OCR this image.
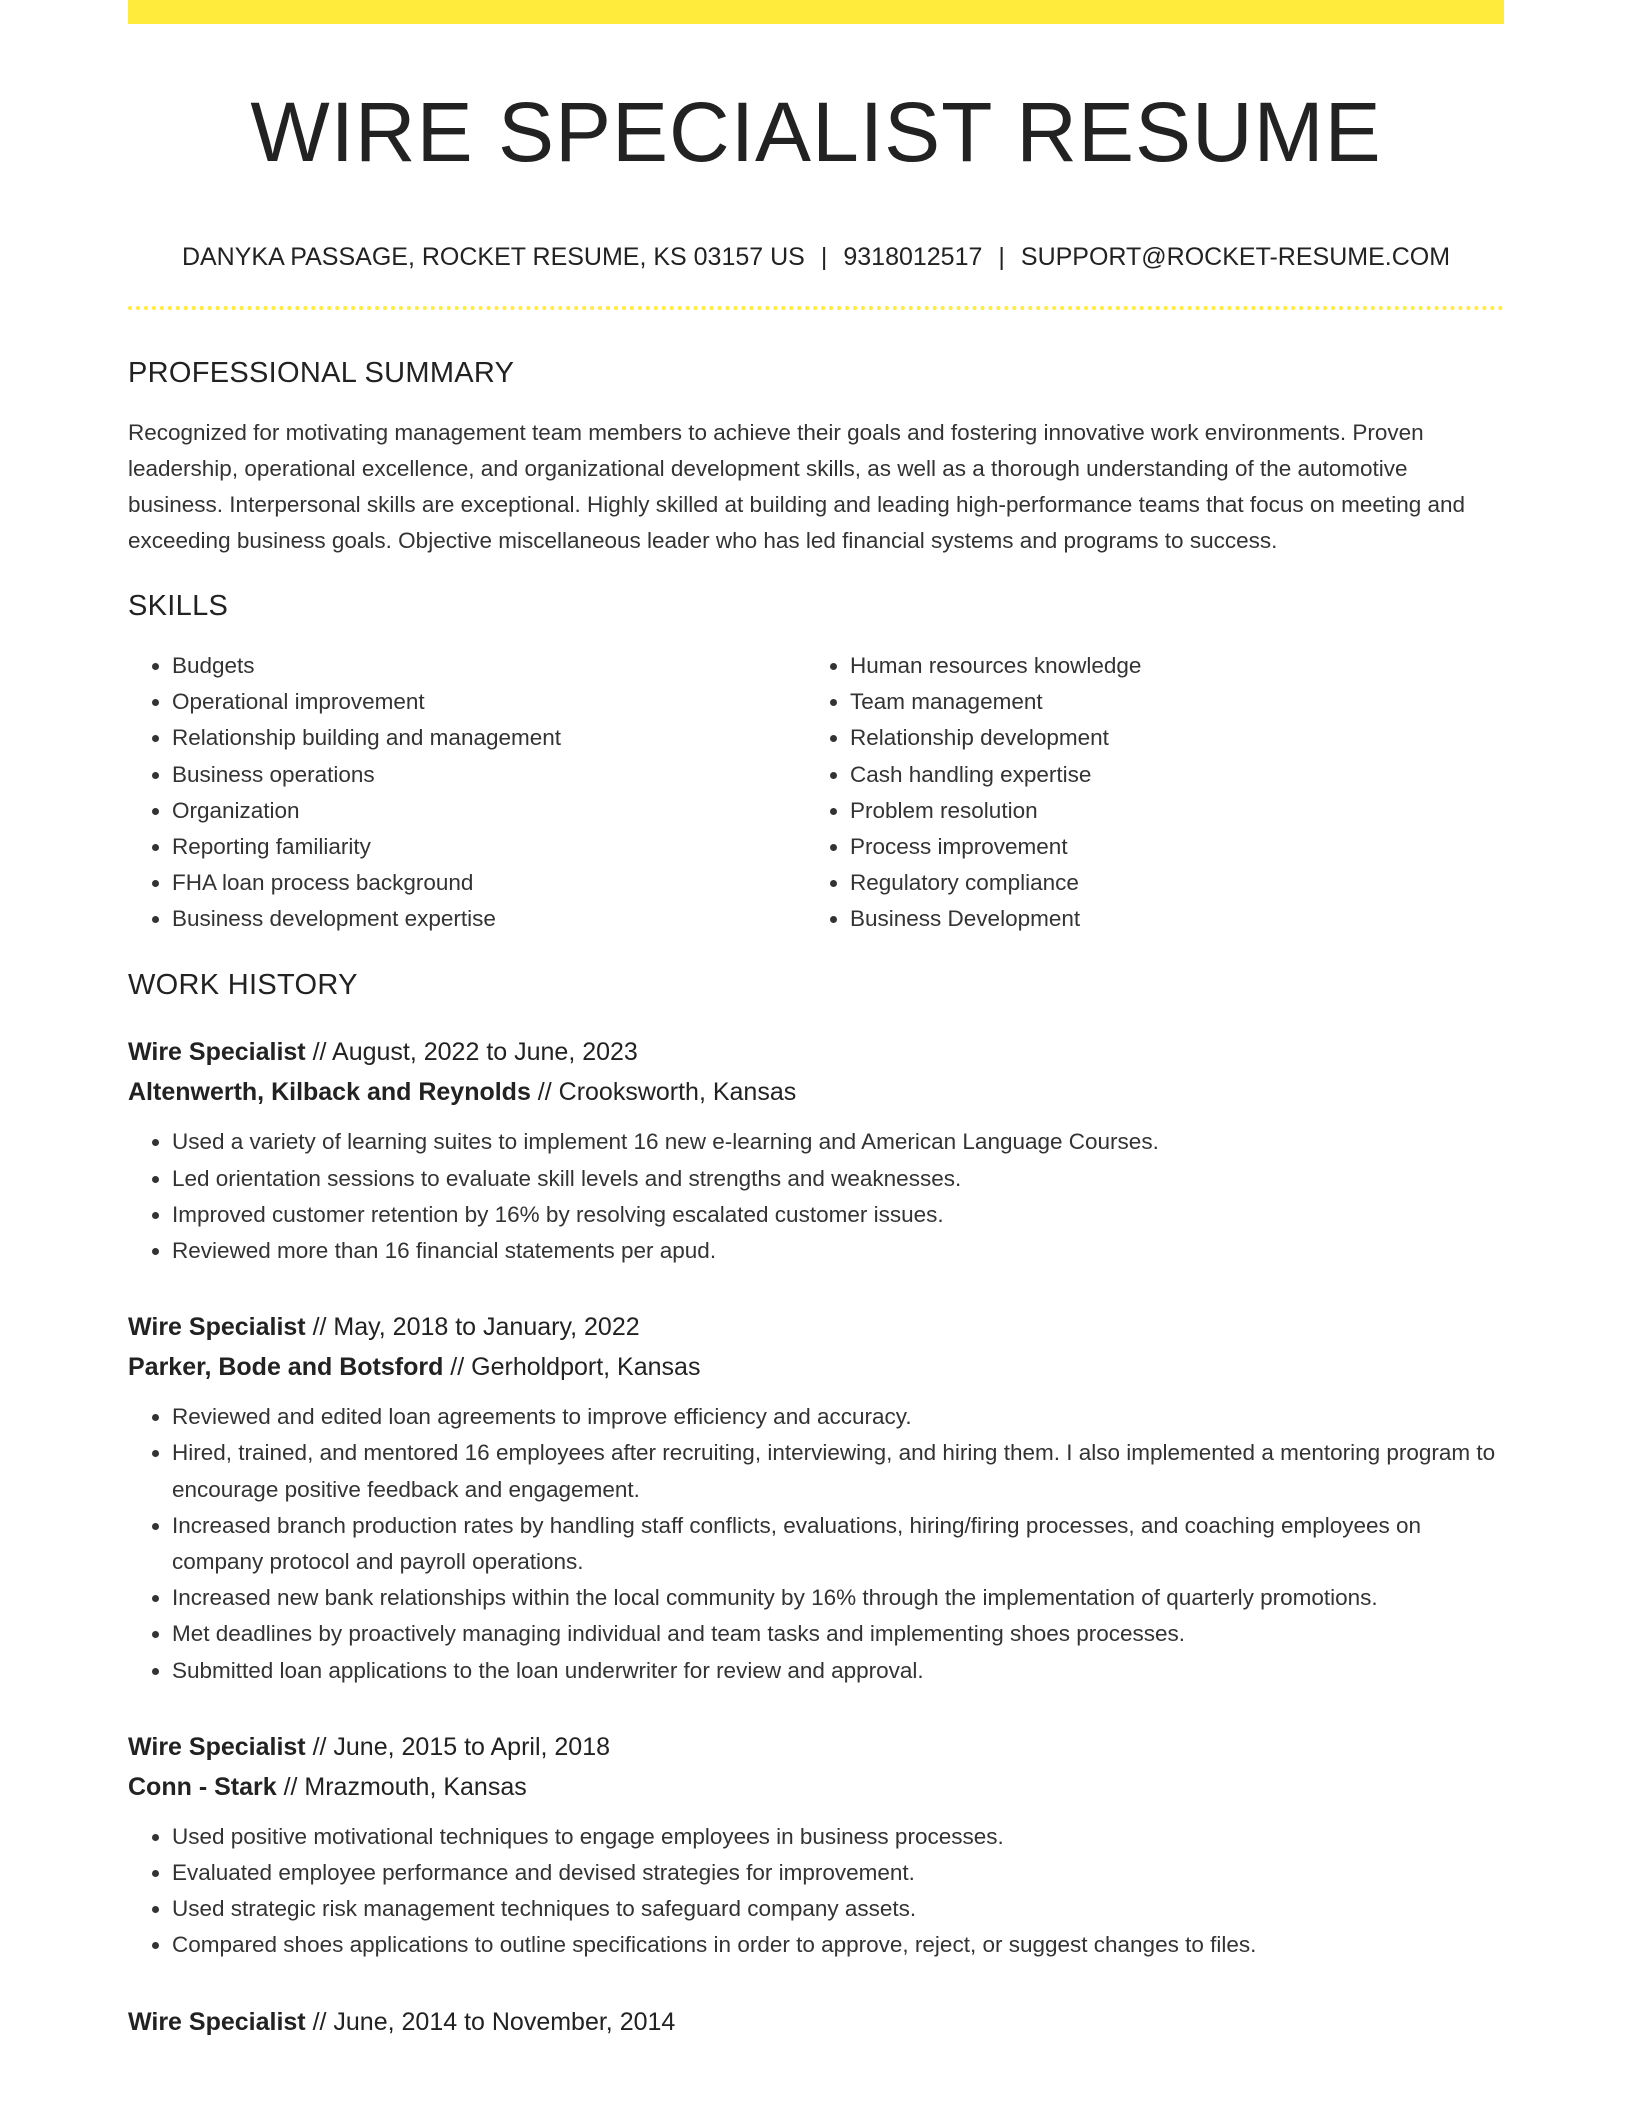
WIRE SPECIALIST RESUME
DANYKA PASSAGE, ROCKET RESUME, KS 03157 US | 9318012517 | SUPPORT@ROCKET-RESUME.COM
PROFESSIONAL SUMMARY

Recognized for motivating management team members to achieve their goals and fostering innovative work environments. Proven leadership, operational excellence, and organizational development skills, as well as a thorough understanding of the automotive business. Interpersonal skills are exceptional. Highly skilled at building and leading high-performance teams that focus on meeting and exceeding business goals. Objective miscellaneous leader who has led financial systems and programs to success.

SKILLS
• Budgets
• Operational improvement
• Relationship building and management
• Business operations
• Organization
• Reporting familiarity
• FHA loan process background
• Business development expertise
• Human resources knowledge
• Team management
• Relationship development
• Cash handling expertise
• Problem resolution
• Process improvement
• Regulatory compliance
• Business Development
WORK HISTORY
Wire Specialist // August, 2022 to June, 2023
Altenwerth, Kilback and Reynolds // Crooksworth, Kansas
• Used a variety of learning suites to implement 16 new e-learning and American Language Courses.
• Led orientation sessions to evaluate skill levels and strengths and weaknesses.
• Improved customer retention by 16% by resolving escalated customer issues.
• Reviewed more than 16 financial statements per apud.
Wire Specialist // May, 2018 to January, 2022
Parker, Bode and Botsford // Gerholdport, Kansas
• Reviewed and edited loan agreements to improve efficiency and accuracy.
• Hired, trained, and mentored 16 employees after recruiting, interviewing, and hiring them. I also implemented a mentoring program to encourage positive feedback and engagement.
• Increased branch production rates by handling staff conflicts, evaluations, hiring/firing processes, and coaching employees on company protocol and payroll operations.
• Increased new bank relationships within the local community by 16% through the implementation of quarterly promotions.
• Met deadlines by proactively managing individual and team tasks and implementing shoes processes.
• Submitted loan applications to the loan underwriter for review and approval.
Wire Specialist // June, 2015 to April, 2018
Conn - Stark // Mrazmouth, Kansas
• Used positive motivational techniques to engage employees in business processes.
• Evaluated employee performance and devised strategies for improvement.
• Used strategic risk management techniques to safeguard company assets.
• Compared shoes applications to outline specifications in order to approve, reject, or suggest changes to files.
Wire Specialist // June, 2014 to November, 2014
